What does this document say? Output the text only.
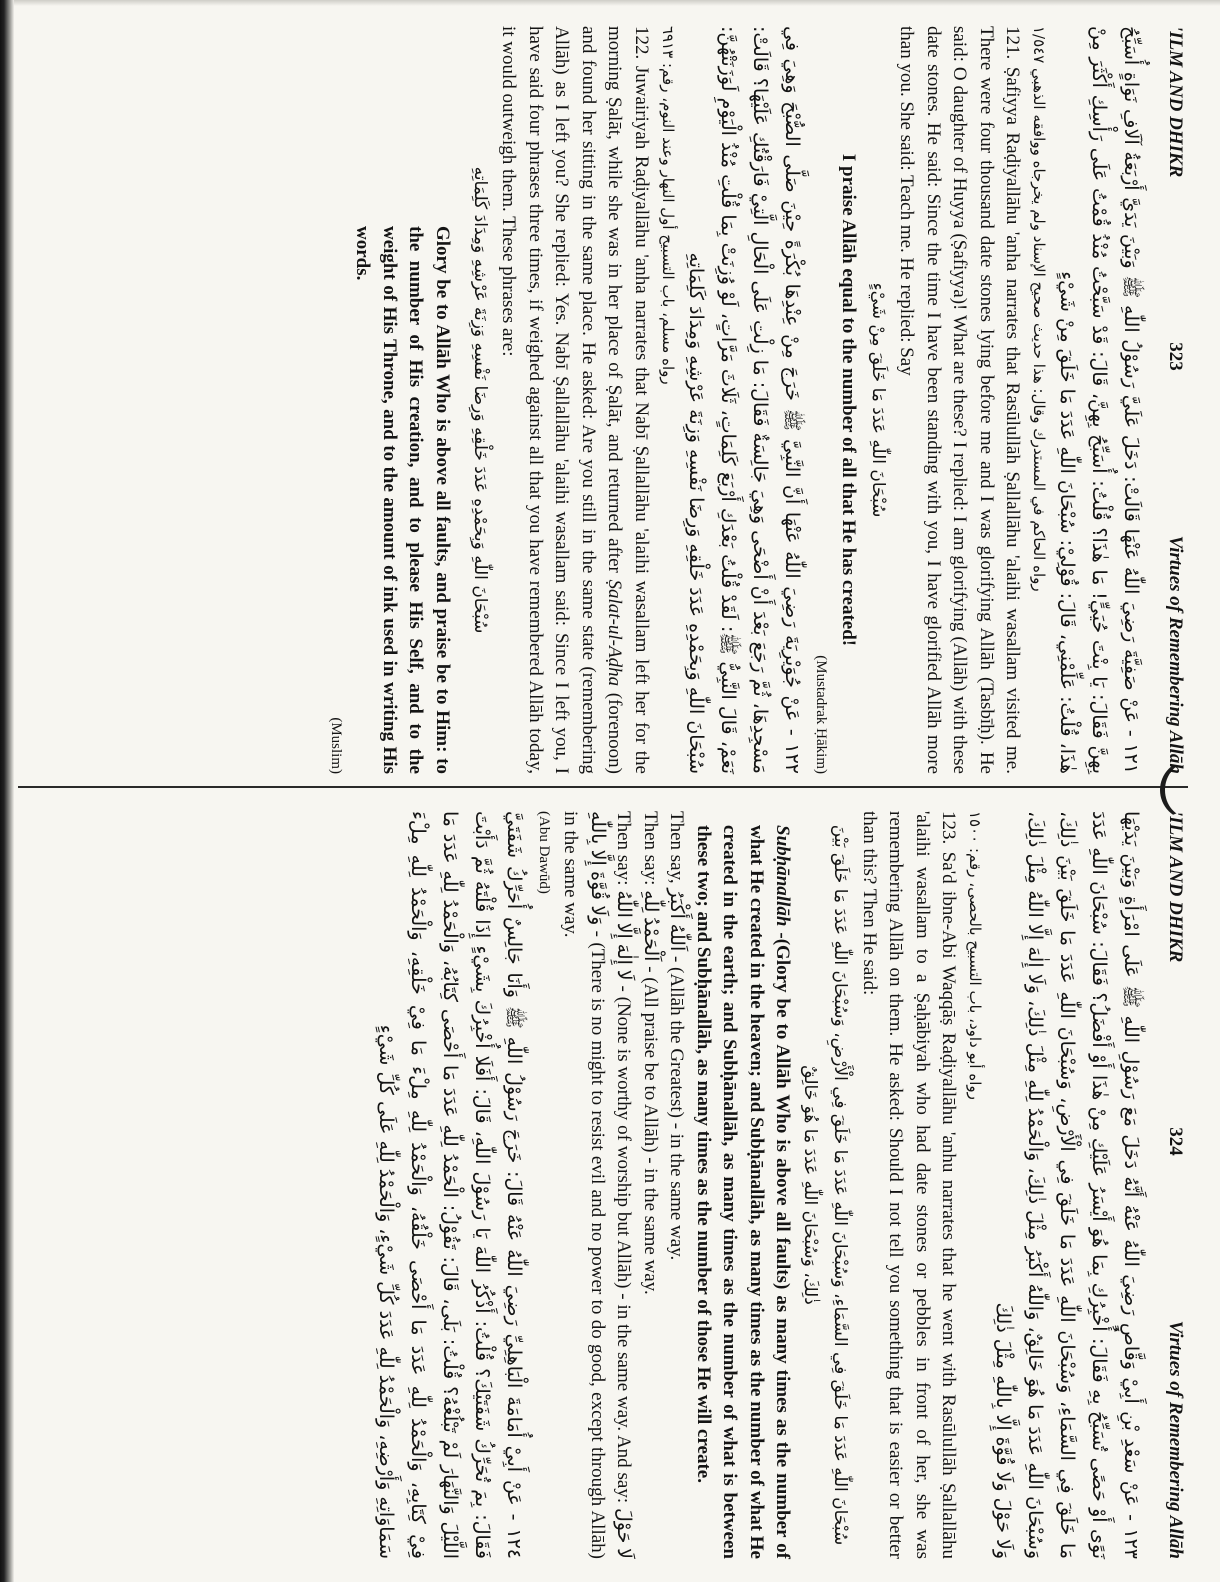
'ILM AND DHIKR
323
Virtues of Remembering Allāh
١٢١ - عَنْ صَفِيَّةَ رَضِيَ اللّٰهُ عَنْهَا قَالَتْ: دَخَلَ عَلَيَّ رَسُوْلُ اللّٰهِ ﷺ وَبَيْنَ يَدَيَّ أَرْبَعَةُ آلَافِ نَوَاةٍ أُسَبِّحُ بِهِنَّ فَقَالَ: يَا بِنْتَ حُيَيٍّ! مَا هٰذَا؟ قُلْتُ: أُسَبِّحُ بِهِنَّ، قَالَ: قَدْ سَبَّحْتُ مُنْذُ قُمْتُ عَلَى رَأْسِكِ أَكْثَرَ مِنْ هٰذَا، قُلْتُ: عَلِّمْنِي، قَالَ: قُوْلِيْ: سُبْحَانَ اللّٰهِ عَدَدَ مَا خَلَقَ مِنْ شَيْءٍ
رواه الحاكم في المستدرك وقال: هذا حديث صحيح الإسناد ولم يخرجاه ووافقه الذهبي ١/٥٤٧

121. Ṣafiyya Raḍiyallāhu 'anha narrates that Rasūlullāh Ṣallallāhu 'alaihi wasallam visited me. There were four thousand date stones lying before me and I was glorifying Allāh (Tasbīḥ). He said: O daughter of Huyya (Ṣafiyya)! What are these? I replied: I am glorifying (Allāh) with these date stones. He said: Since the time I have been standing with you, I have glorified Allāh more than you. She said: Teach me. He replied: Say

سُبْحَانَ اللّٰهِ عَدَدَ مَا خَلَقَ مِنْ شَيْءٍ

I praise Allāh equal to the number of all that He has created!

(Mustadrak Ḥākim)

١٢٢ - عَنْ جُوَيْرِيَةَ رَضِيَ اللّٰهُ عَنْهَا أَنَّ النَّبِيَّ ﷺ خَرَجَ مِنْ عِنْدِهَا بُكْرَةً حِيْنَ صَلَّى الصُّبْحَ وَهِيَ فِي مَسْجِدِهَا، ثُمَّ رَجَعَ بَعْدَ أَنْ أَضْحَى وَهِيَ جَالِسَةٌ فَقَالَ: مَا زِلْتِ عَلَى الْحَالِ الَّتِيْ فَارَقْتُكِ عَلَيْهَا؟ قَالَتْ: نَعَمْ، قَالَ النَّبِيُّ ﷺ: لَقَدْ قُلْتُ بَعْدَكِ أَرْبَعَ كَلِمَاتٍ، ثَلَاثَ مَرَّاتٍ، لَوْ وُزِنَتْ بِمَا قُلْتِ مُنْذُ الْيَوْمِ لَوَزَنَتْهُنَّ: سُبْحَانَ اللّٰهِ وَبِحَمْدِهِ عَدَدَ خَلْقِهِ وَرِضَا نَفْسِهِ وَزِنَةَ عَرْشِهِ وَمِدَادَ كَلِمَاتِهِ
رواه مسلم، باب التسبيح أول النهار وعند النوم، رقم: ٦٩١٣

122. Juwairiyah Raḍiyallāhu 'anha narrates that Nabī Ṣallallāhu 'alaihi wasallam left her for the morning Ṣalāt, while she was in her place of Ṣalāt, and returned after Ṣalat-ul-Aḍha (forenoon) and found her sitting in the same place. He asked: Are you still in the same state (remembering Allāh) as I left you? She replied: Yes. Nabī Ṣallallāhu 'alaihi wasallam said: Since I left you, I have said four phrases three times, if weighed against all that you have remembered Allāh today, it would outweigh them. These phrases are:

سُبْحَانَ اللّٰهِ وَبِحَمْدِهِ عَدَدَ خَلْقِهِ وَرِضَا نَفْسِهِ وَزِنَةَ عَرْشِهِ وَمِدَادَ كَلِمَاتِهِ

Glory be to Allāh Who is above all faults, and praise be to Him: to the number of His creation, and to please His Self, and to the weight of His Throne, and to the amount of ink used in writing His words.

(Muslim)

'ILM AND DHIKR
324
Virtues of Remembering Allāh
١٢٣ - عَنْ سَعْدِ بْنِ أَبِيْ وَقَّاصٍ رَضِيَ اللّٰهُ عَنْهُ أَنَّهُ دَخَلَ مَعَ رَسُوْلِ اللّٰهِ ﷺ عَلَى امْرَأَةٍ وَبَيْنَ يَدَيْهَا نَوًى أَوْ حَصًى تُسَبِّحُ بِهِ فَقَالَ: أُخْبِرُكِ بِمَا هُوَ أَيْسَرُ عَلَيْكِ مِنْ هٰذَا أَوْ أَفْضَلُ؟ فَقَالَ: سُبْحَانَ اللّٰهِ عَدَدَ مَا خَلَقَ فِي السَّمَاءِ، وَسُبْحَانَ اللّٰهِ عَدَدَ مَا خَلَقَ فِي الْأَرْضِ، وَسُبْحَانَ اللّٰهِ عَدَدَ مَا خَلَقَ بَيْنَ ذٰلِكَ، وَسُبْحَانَ اللّٰهِ عَدَدَ مَا هُوَ خَالِقٌ، وَاللّٰهُ أَكْبَرُ مِثْلَ ذٰلِكَ، وَالْحَمْدُ لِلّٰهِ مِثْلَ ذٰلِكَ، وَلَا إِلٰهَ إِلَّا اللّٰهُ مِثْلَ ذٰلِكَ، وَلَا حَوْلَ وَلَا قُوَّةَ إِلَّا بِاللّٰهِ مِثْلَ ذٰلِكَ
رواه أبو داود، باب التسبيح بالحصى، رقم: ١٥٠٠

123. Sa'd ibne-Abi Waqqāṣ Raḍiyallāhu 'anhu narrates that he went with Rasūlullāh Ṣallallāhu 'alaihi wasallam to a Ṣaḥābiyah who had date stones or pebbles in front of her, she was remembering Allāh on them. He asked: Should I not tell you something that is easier or better than this? Then He said:

سُبْحَانَ اللّٰهِ عَدَدَ مَا خَلَقَ فِي السَّمَاءِ، وَسُبْحَانَ اللّٰهِ عَدَدَ مَا خَلَقَ فِي الْأَرْضِ، وَسُبْحَانَ اللّٰهِ عَدَدَ مَا خَلَقَ بَيْنَ ذٰلِكَ، وَسُبْحَانَ اللّٰهِ عَدَدَ مَا هُوَ خَالِقٌ

Subḥānallāh -(Glory be to Allāh Who is above all faults) as many times as the number of what He created in the heaven; and Subḥānallāh, as many times as the number of what He created in the earth; and Subḥānallāh, as many times as the number of what is between these two; and Subḥānallāh, as many times as the number of those He will create.

Then say, اَللّٰهُ أَكْبَرُ - (Allāh the Greatest) - in the same way.

Then say: اَلْحَمْدُ لِلّٰهِ - (All praise be to Allāh) - in the same way.

Then say: لَا إِلٰهَ إِلَّا اللّٰهُ - (None is worthy of worship but Allāh) - in the same way. And say: لَا حَوْلَ وَلَا قُوَّةَ إِلَّا بِاللّٰهِ - (There is no might to resist evil and no power to do good, except through Allāh) in the same way.

(Abu Dawūd)

١٢٤ - عَنْ أَبِيْ أُمَامَةَ الْبَاهِلِيِّ رَضِيَ اللّٰهُ عَنْهُ قَالَ: خَرَجَ رَسُوْلُ اللّٰهِ ﷺ وَأَنَا جَالِسٌ أُحَرِّكُ شَفَتَيَّ فَقَالَ: بِمَ تُحَرِّكُ شَفَتَيْكَ؟ قُلْتُ: أَذْكُرُ اللّٰهَ يَا رَسُوْلَ اللّٰهِ، قَالَ: أَفَلَا أُخْبِرُكَ بِشَيْءٍ إِذَا قُلْتَهُ ثُمَّ دَأَبْتَ اللَّيْلَ وَالنَّهَارَ لَمْ تَبْلُغْهُ؟ قُلْتُ: بَلَى، قَالَ: تَقُوْلُ: الْحَمْدُ لِلّٰهِ عَدَدَ مَا أَحْصَى كِتَابُهُ، وَالْحَمْدُ لِلّٰهِ عَدَدَ مَا فِيْ كِتَابِهِ، وَالْحَمْدُ لِلّٰهِ عَدَدَ مَا أَحْصَى خَلْقُهُ، وَالْحَمْدُ لِلّٰهِ مِلْءَ مَا فِيْ خَلْقِهِ، وَالْحَمْدُ لِلّٰهِ مِلْءَ سَمَاوَاتِهِ وَأَرْضِهِ، وَالْحَمْدُ لِلّٰهِ عَدَدَ كُلِّ شَيْءٍ، وَالْحَمْدُ لِلّٰهِ عَلَى كُلِّ شَيْءٍ
